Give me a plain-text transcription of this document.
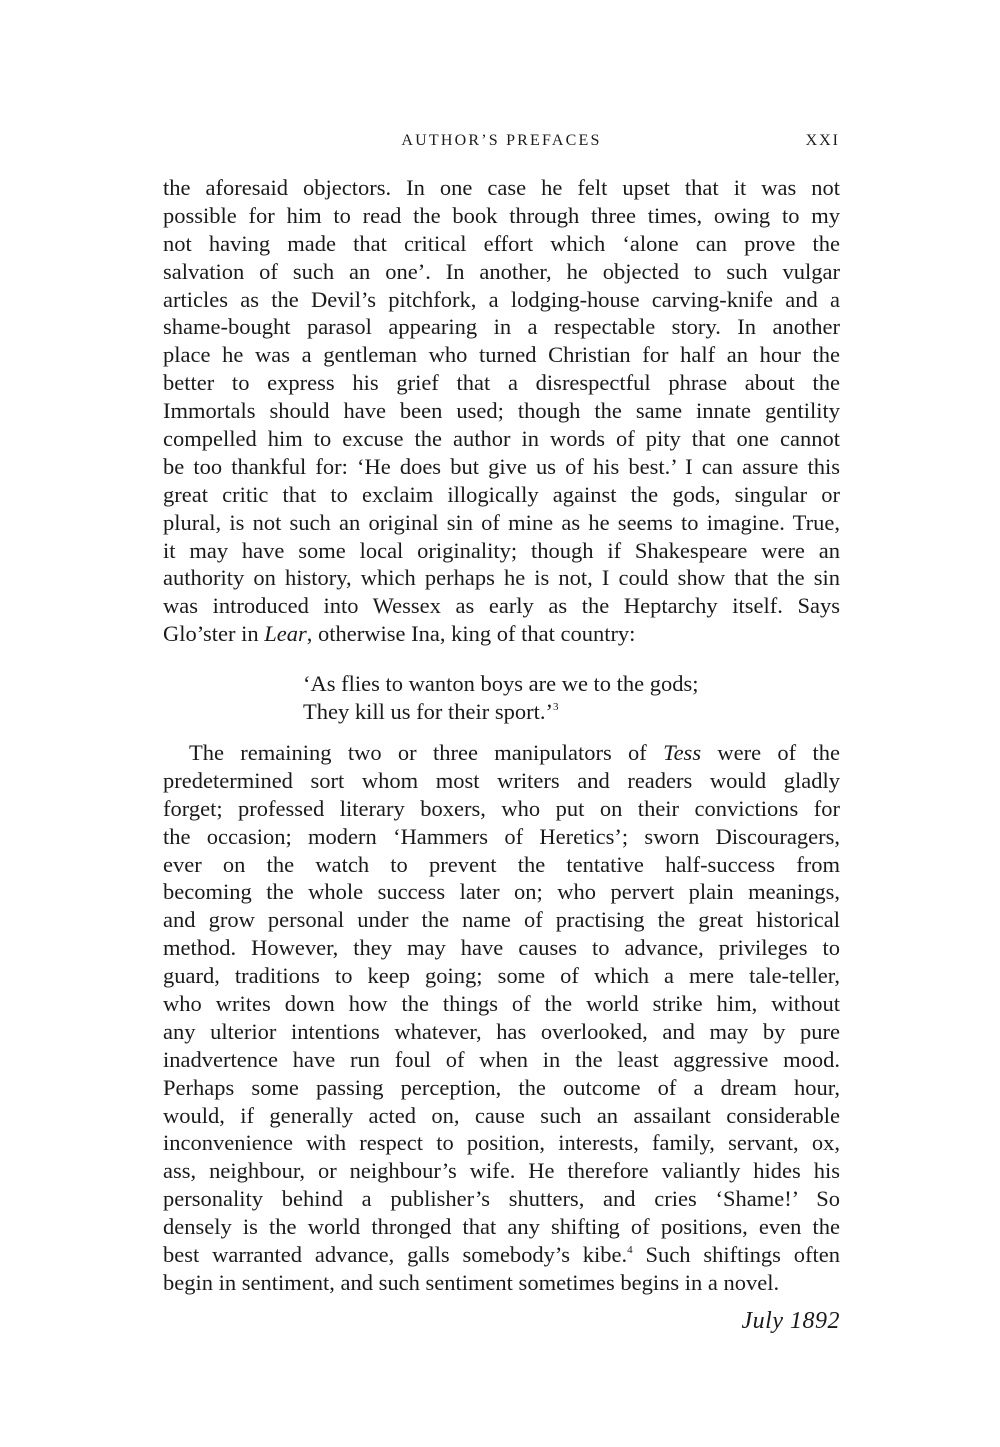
AUTHOR’S PREFACES	XXI
the aforesaid objectors. In one case he felt upset that it was not
possible for him to read the book through three times, owing to my
not having made that critical effort which ‘alone can prove the
salvation of such an one’. In another, he objected to such vulgar
articles as the Devil’s pitchfork, a lodging-house carving-knife and a
shame-bought parasol appearing in a respectable story. In another
place he was a gentleman who turned Christian for half an hour the
better to express his grief that a disrespectful phrase about the
Immortals should have been used; though the same innate gentility
compelled him to excuse the author in words of pity that one cannot
be too thankful for: ‘He does but give us of his best.’ I can assure this
great critic that to exclaim illogically against the gods, singular or
plural, is not such an original sin of mine as he seems to imagine. True,
it may have some local originality; though if Shakespeare were an
authority on history, which perhaps he is not, I could show that the sin
was introduced into Wessex as early as the Heptarchy itself. Says
Glo’ster in Lear, otherwise Ina, king of that country:
‘As flies to wanton boys are we to the gods;
They kill us for their sport.’$^3$
The remaining two or three manipulators of Tess were of the
predetermined sort whom most writers and readers would gladly
forget; professed literary boxers, who put on their convictions for
the occasion; modern ‘Hammers of Heretics’; sworn Discouragers,
ever on the watch to prevent the tentative half-success from
becoming the whole success later on; who pervert plain meanings,
and grow personal under the name of practising the great historical
method. However, they may have causes to advance, privileges to
guard, traditions to keep going; some of which a mere tale-teller,
who writes down how the things of the world strike him, without
any ulterior intentions whatever, has overlooked, and may by pure
inadvertence have run foul of when in the least aggressive mood.
Perhaps some passing perception, the outcome of a dream hour,
would, if generally acted on, cause such an assailant considerable
inconvenience with respect to position, interests, family, servant, ox,
ass, neighbour, or neighbour’s wife. He therefore valiantly hides his
personality behind a publisher’s shutters, and cries ‘Shame!’ So
densely is the world thronged that any shifting of positions, even the
best warranted advance, galls somebody’s kibe.$^4$ Such shiftings often
begin in sentiment, and such sentiment sometimes begins in a novel.
July 1892
